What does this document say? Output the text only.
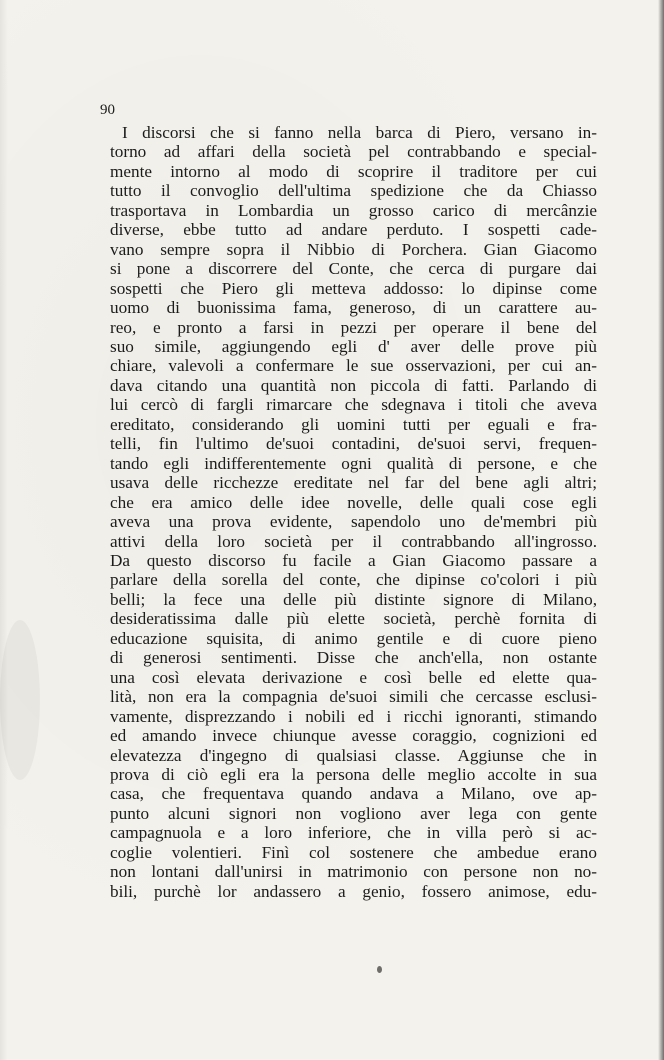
90
I discorsi che si fanno nella barca di Piero, versano in-
torno ad affari della società pel contrabbando e special-
mente intorno al modo di scoprire il traditore per cui
tutto il convoglio dell'ultima spedizione che da Chiasso
trasportava in Lombardia un grosso carico di mercânzie
diverse, ebbe tutto ad andare perduto. I sospetti cade-
vano sempre sopra il Nibbio di Porchera. Gian Giacomo
si pone a discorrere del Conte, che cerca di purgare dai
sospetti che Piero gli metteva addosso: lo dipinse come
uomo di buonissima fama, generoso, di un carattere au-
reo, e pronto a farsi in pezzi per operare il bene del
suo simile, aggiungendo egli d' aver delle prove più
chiare, valevoli a confermare le sue osservazioni, per cui an-
dava citando una quantità non piccola di fatti. Parlando di
lui cercò di fargli rimarcare che sdegnava i titoli che aveva
ereditato, considerando gli uomini tutti per eguali e fra-
telli, fin l'ultimo de'suoi contadini, de'suoi servi, frequen-
tando egli indifferentemente ogni qualità di persone, e che
usava delle ricchezze ereditate nel far del bene agli altri;
che era amico delle idee novelle, delle quali cose egli
aveva una prova evidente, sapendolo uno de'membri più
attivi della loro società per il contrabbando all'ingrosso.
Da questo discorso fu facile a Gian Giacomo passare a
parlare della sorella del conte, che dipinse co'colori i più
belli; la fece una delle più distinte signore di Milano,
desideratissima dalle più elette società, perchè fornita di
educazione squisita, di animo gentile e di cuore pieno
di generosi sentimenti. Disse che anch'ella, non ostante
una così elevata derivazione e così belle ed elette qua-
lità, non era la compagnia de'suoi simili che cercasse esclusi-
vamente, disprezzando i nobili ed i ricchi ignoranti, stimando
ed amando invece chiunque avesse coraggio, cognizioni ed
elevatezza d'ingegno di qualsiasi classe. Aggiunse che in
prova di ciò egli era la persona delle meglio accolte in sua
casa, che frequentava quando andava a Milano, ove ap-
punto alcuni signori non vogliono aver lega con gente
campagnuola e a loro inferiore, che in villa però si ac-
coglie volentieri. Finì col sostenere che ambedue erano
non lontani dall'unirsi in matrimonio con persone non no-
bili, purchè lor andassero a genio, fossero animose, edu-
